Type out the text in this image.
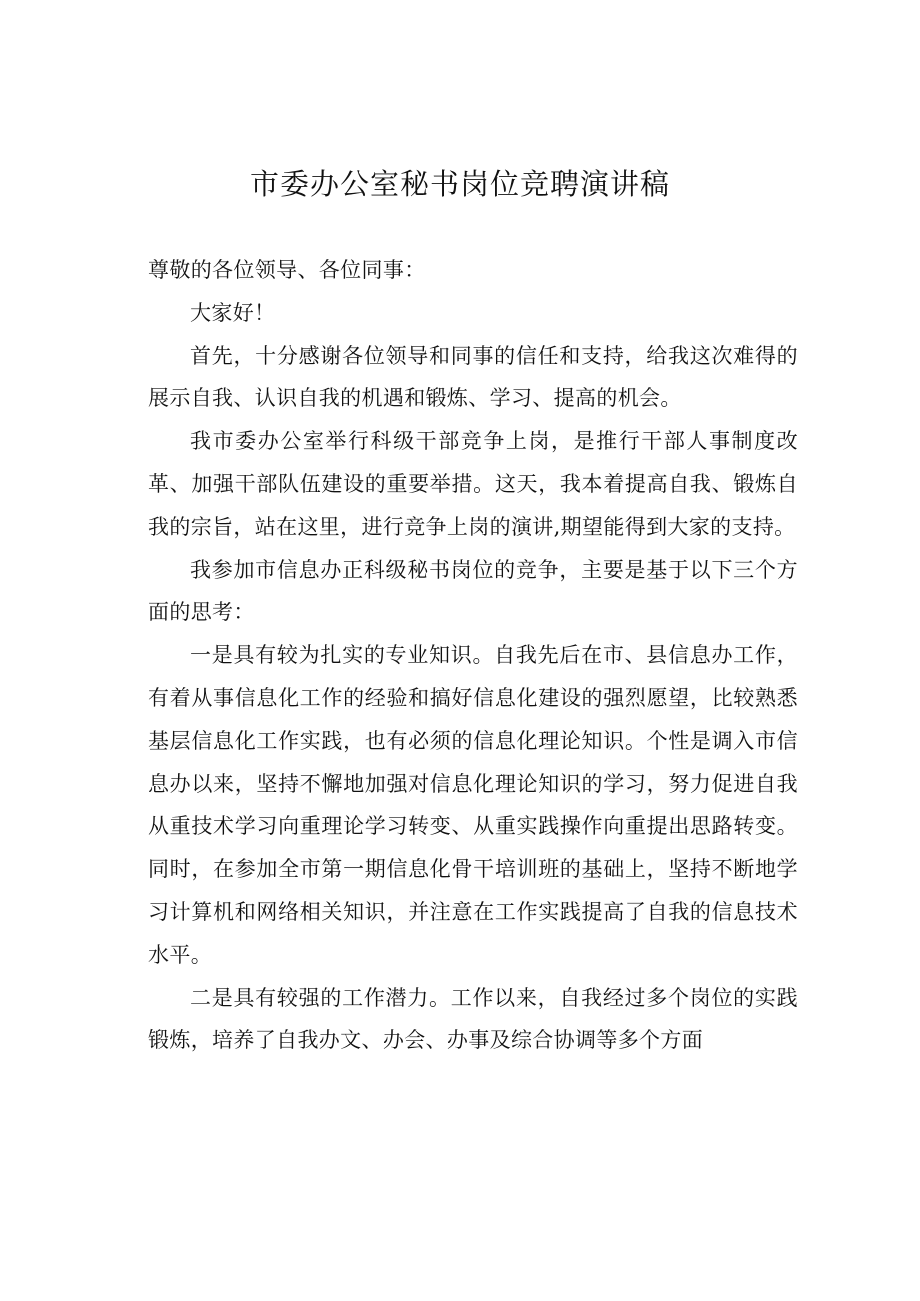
市委办公室秘书岗位竞聘演讲稿

尊敬的各位领导、各位同事：

大家好！

首先，十分感谢各位领导和同事的信任和支持，给我这次难得的展示自我、认识自我的机遇和锻炼、学习、提高的机会。

我市委办公室举行科级干部竞争上岗，是推行干部人事制度改革、加强干部队伍建设的重要举措。这天，我本着提高自我、锻炼自我的宗旨，站在这里，进行竞争上岗的演讲,期望能得到大家的支持。

我参加市信息办正科级秘书岗位的竞争，主要是基于以下三个方面的思考：

一是具有较为扎实的专业知识。自我先后在市、县信息办工作，有着从事信息化工作的经验和搞好信息化建设的强烈愿望，比较熟悉基层信息化工作实践，也有必须的信息化理论知识。个性是调入市信息办以来，坚持不懈地加强对信息化理论知识的学习，努力促进自我从重技术学习向重理论学习转变、从重实践操作向重提出思路转变。同时，在参加全市第一期信息化骨干培训班的基础上，坚持不断地学习计算机和网络相关知识，并注意在工作实践提高了自我的信息技术水平。

二是具有较强的工作潜力。工作以来，自我经过多个岗位的实践锻炼，培养了自我办文、办会、办事及综合协调等多个方面
